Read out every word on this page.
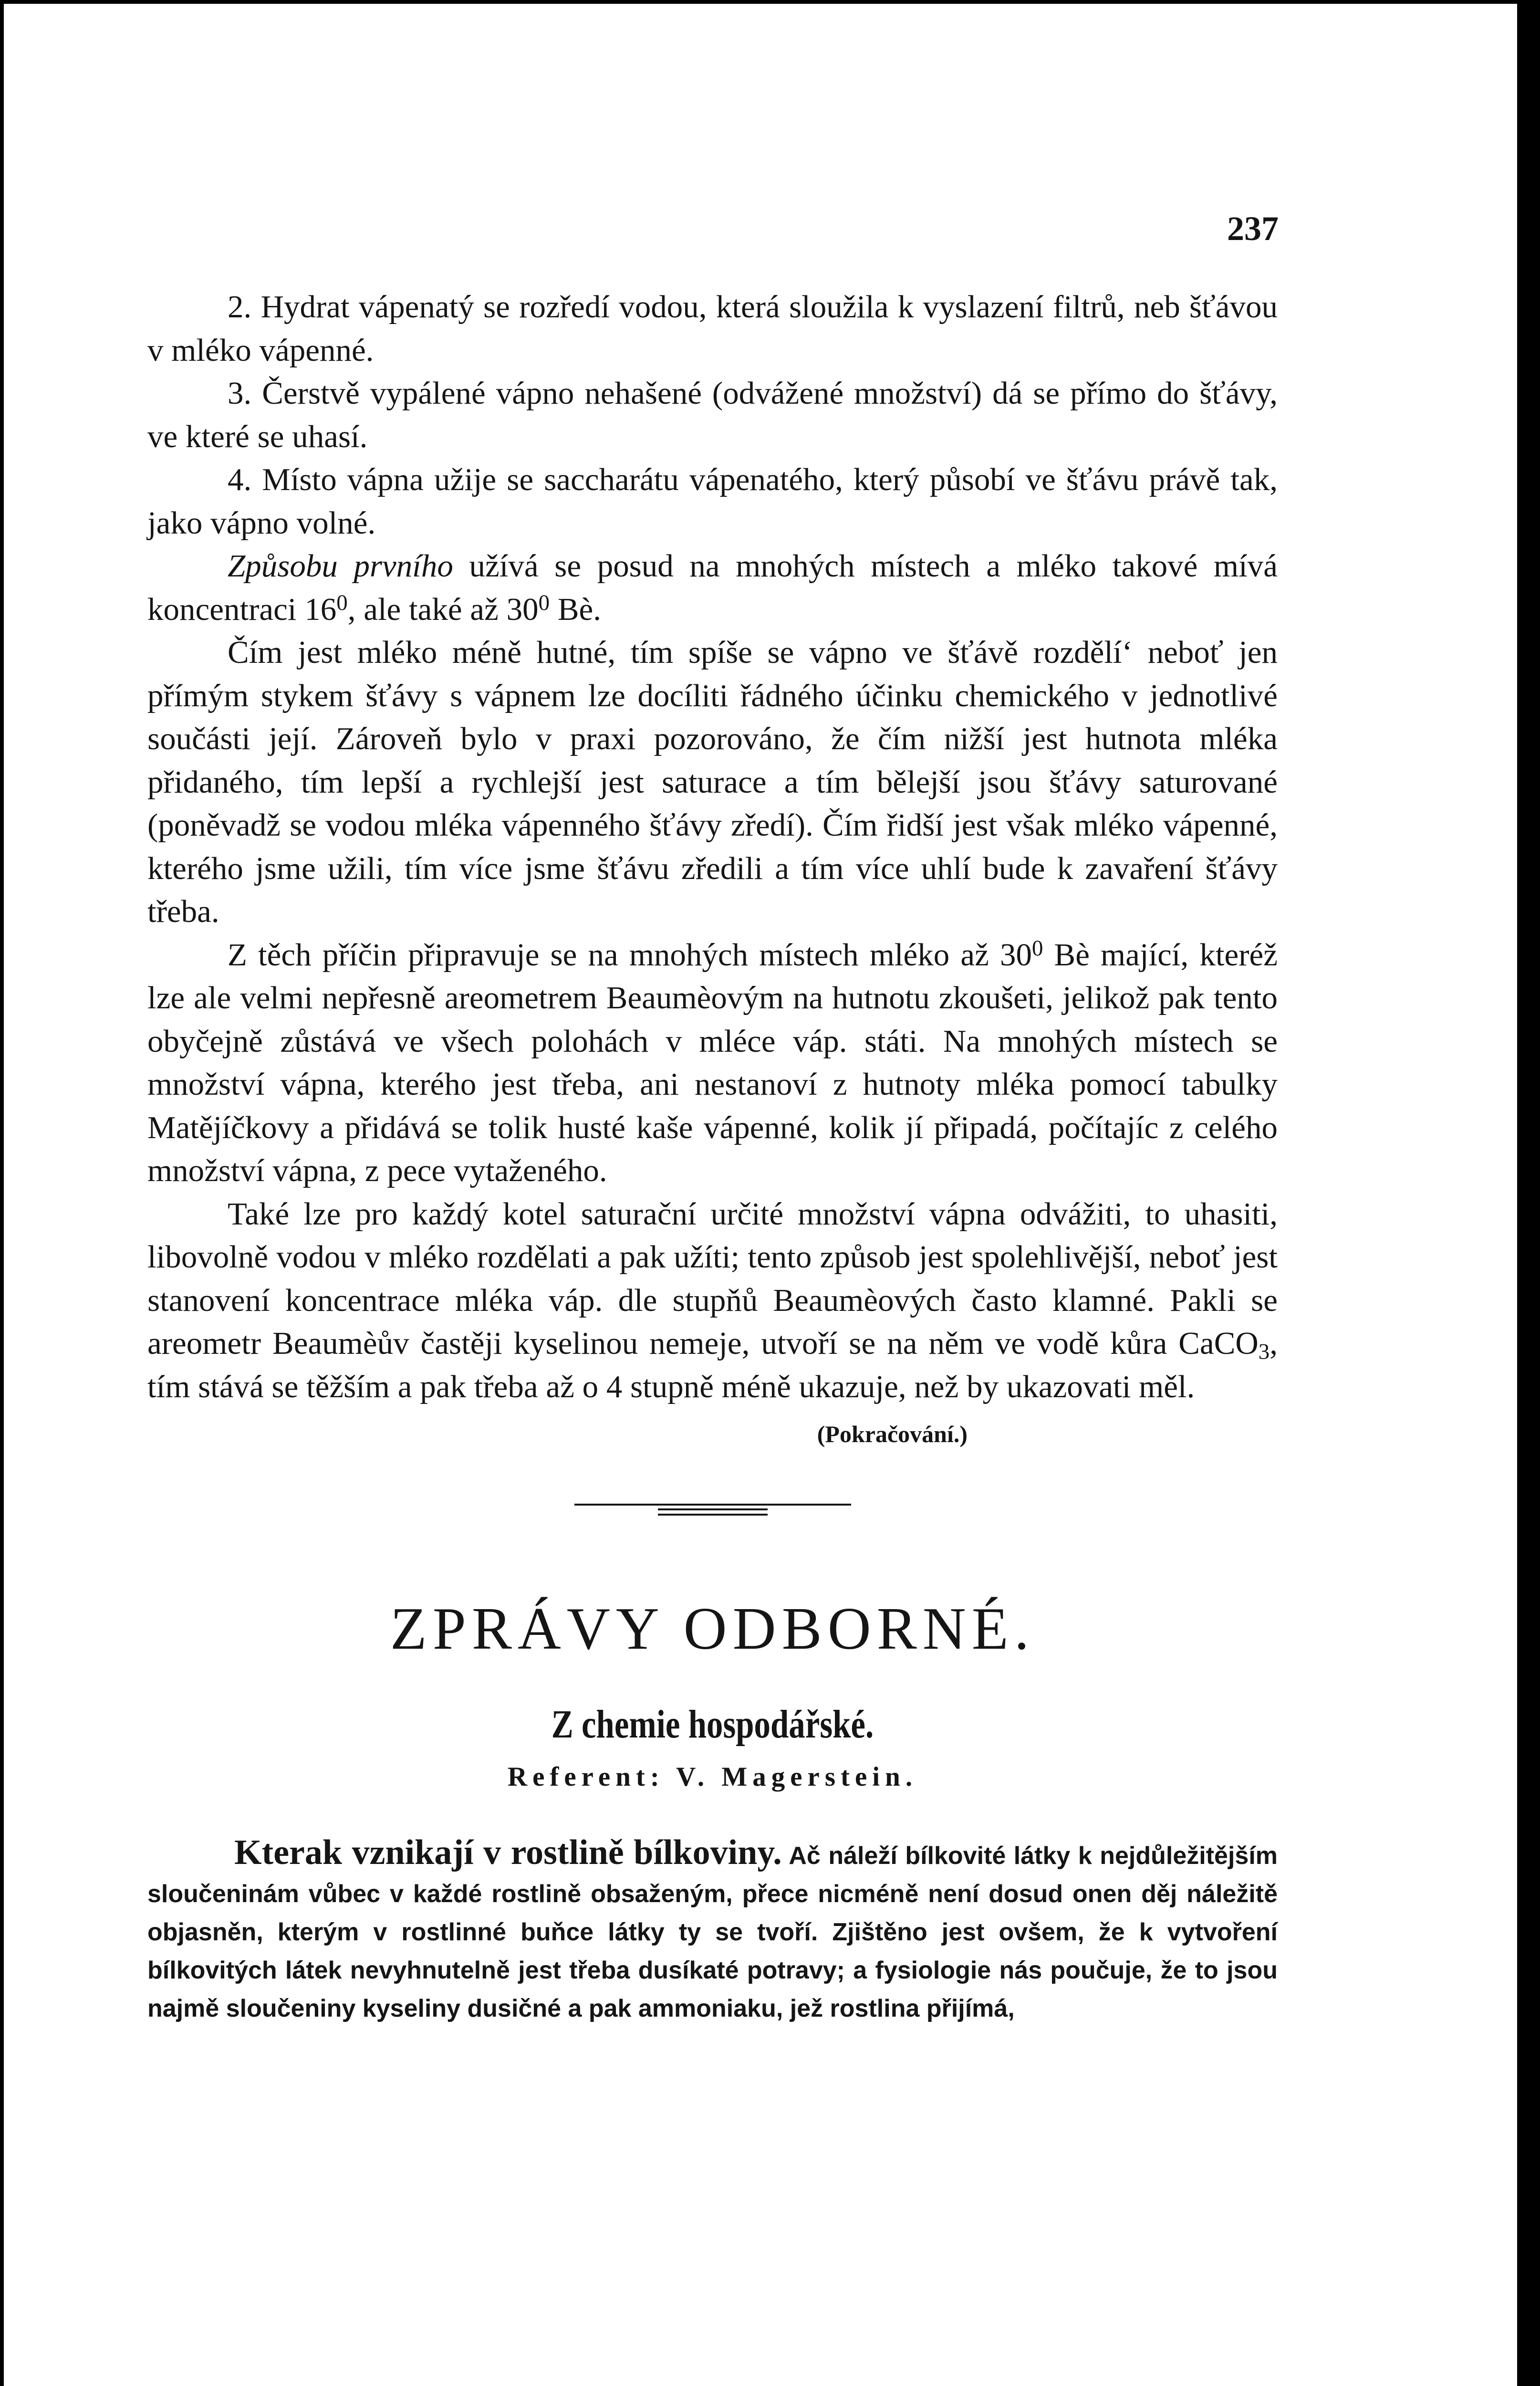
237

2. Hydrat vápenatý se rozředí vodou, která sloužila k vyslazení filtrů, neb šťávou v mléko vápenné.

3. Čerstvě vypálené vápno nehašené (odvážené množství) dá se přímo do šťávy, ve které se uhasí.

4. Místo vápna užije se saccharátu vápenatého, který působí ve šťávu právě tak, jako vápno volné.

Způsobu prvního užívá se posud na mnohých místech a mléko takové mívá koncentraci $16^0$, ale také až $30^0$ Bè.

Čím jest mléko méně hutné, tím spíše se vápno ve šťávě rozdělí‘ neboť jen přímým stykem šťávy s vápnem lze docíliti řádného účinku chemického v jednotlivé součásti její. Zároveň bylo v praxi pozorováno, že čím nižší jest hutnota mléka přidaného, tím lepší a rychlejší jest saturace a tím bělejší jsou šťávy saturované (poněvadž se vodou mléka vápenného šťávy zředí). Čím řidší jest však mléko vápenné, kterého jsme užili, tím více jsme šťávu zředili a tím více uhlí bude k zavaření šťávy třeba.

Z těch příčin připravuje se na mnohých místech mléko až $30^0$ Bè mající, kteréž lze ale velmi nepřesně areometrem Beaumèovým na hutnotu zkoušeti, jelikož pak tento obyčejně zůstává ve všech polohách v mléce váp. státi. Na mnohých místech se množství vápna, kterého jest třeba, ani nestanoví z hutnoty mléka pomocí tabulky Matějíčkovy a přidává se tolik husté kaše vápenné, kolik jí připadá, počítajíc z celého množství vápna, z pece vytaženého.

Také lze pro každý kotel saturační určité množství vápna odvážiti, to uhasiti, libovolně vodou v mléko rozdělati a pak užíti; tento způsob jest spolehlivější, neboť jest stanovení koncentrace mléka váp. dle stupňů Beaumèových často klamné. Pakli se areometr Beaumèův častěji kyselinou nemeje, utvoří se na něm ve vodě kůra CaCO$_3$, tím stává se těžším a pak třeba až o 4 stupně méně ukazuje, než by ukazovati měl.

(Pokračování.)
ZPRÁVY ODBORNÉ.
Z chemie hospodářské.
Referent: V. Magerstein.

Kterak vznikají v rostlině bílkoviny. Ač náleží bílkovité látky k nejdůležitějším sloučeninám vůbec v každé rostlině obsaženým, přece nicméně není dosud onen děj náležitě objasněn, kterým v rostlinné buňce látky ty se tvoří. Zjištěno jest ovšem, že k vytvoření bílkovitých látek nevyhnutelně jest třeba dusíkaté potravy; a fysiologie nás poučuje, že to jsou najmě sloučeniny kyseliny dusičné a pak ammoniaku, jež rostlina přijímá,
